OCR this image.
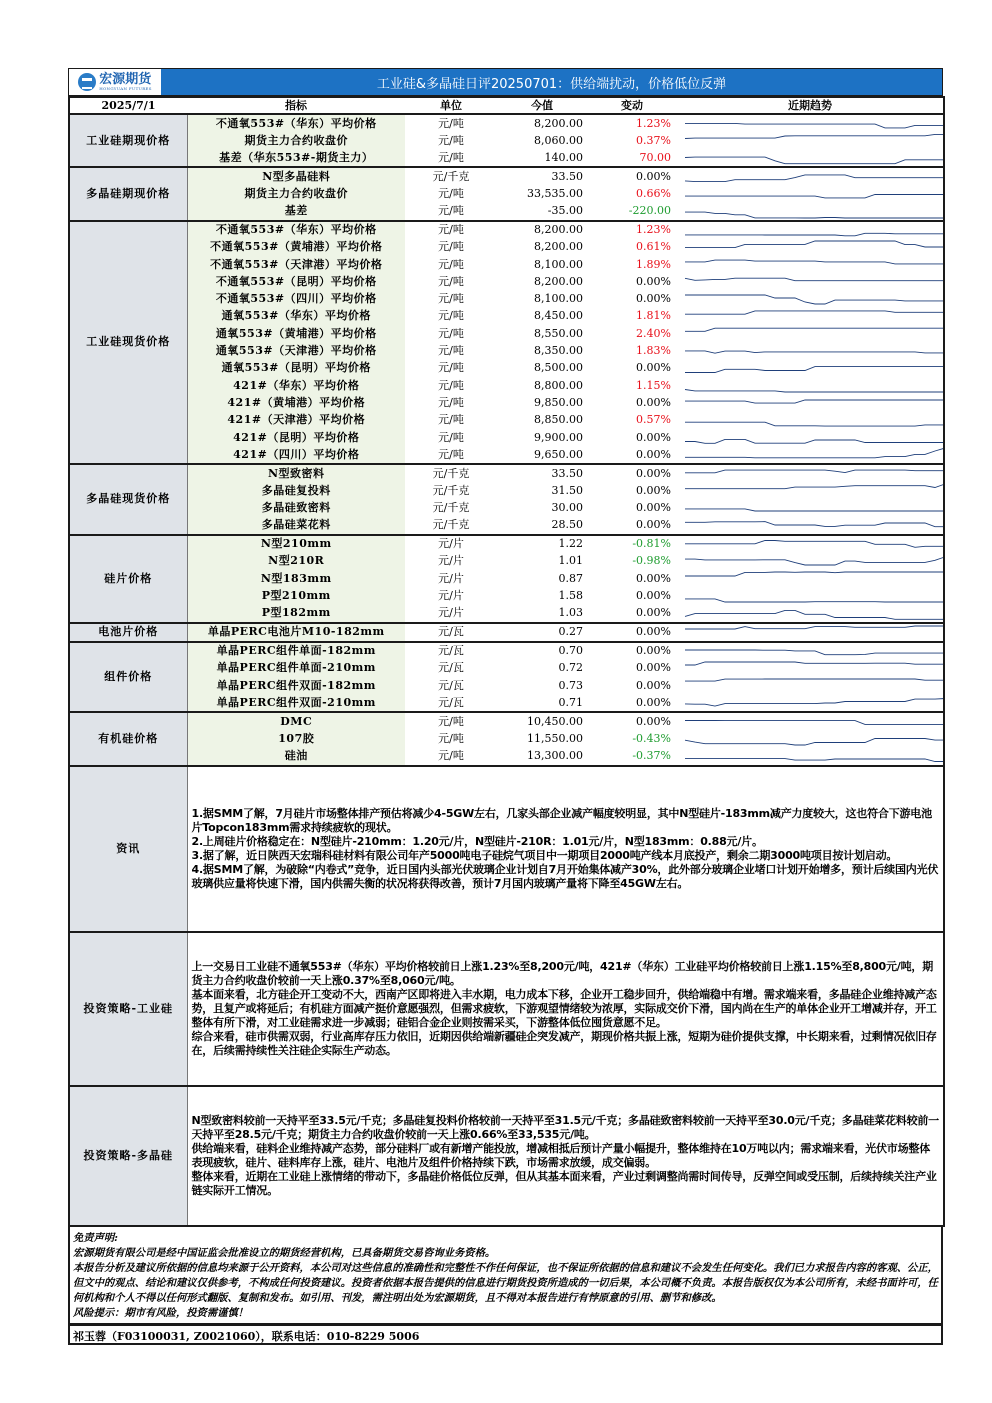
宏源期货
HONGYUAN FUTURES	工业硅&多晶硅日评20250701：供给端扰动，价格低位反弹
2025/7/1	指标	单位	今值	变动	近期趋势
工业硅期现价格	不通氧553#（华东）平均价格	元/吨	8,200.00	1.23%	

	期货主力合约收盘价	元/吨	8,060.00	0.37%	

	基差（华东553#-期货主力）	元/吨	140.00	70.00	

多晶硅期现价格	N型多晶硅料	元/千克	33.50	0.00%	

	期货主力合约收盘价	元/吨	33,535.00	0.66%	

	基差	元/吨	-35.00	-220.00	

工业硅现货价格	不通氧553#（华东）平均价格	元/吨	8,200.00	1.23%	

	不通氧553#（黄埔港）平均价格	元/吨	8,200.00	0.61%	

	不通氧553#（天津港）平均价格	元/吨	8,100.00	1.89%	

	不通氧553#（昆明）平均价格	元/吨	8,200.00	0.00%	

	不通氧553#（四川）平均价格	元/吨	8,100.00	0.00%	

	通氧553#（华东）平均价格	元/吨	8,450.00	1.81%	

	通氧553#（黄埔港）平均价格	元/吨	8,550.00	2.40%	

	通氧553#（天津港）平均价格	元/吨	8,350.00	1.83%	

	通氧553#（昆明）平均价格	元/吨	8,500.00	0.00%	

	421#（华东）平均价格	元/吨	8,800.00	1.15%	

	421#（黄埔港）平均价格	元/吨	9,850.00	0.00%	

	421#（天津港）平均价格	元/吨	8,850.00	0.57%	

	421#（昆明）平均价格	元/吨	9,900.00	0.00%	

	421#（四川）平均价格	元/吨	9,650.00	0.00%	

多晶硅现货价格	N型致密料	元/千克	33.50	0.00%	

	多晶硅复投料	元/千克	31.50	0.00%	

	多晶硅致密料	元/千克	30.00	0.00%	

	多晶硅菜花料	元/千克	28.50	0.00%	

硅片价格	N型210mm	元/片	1.22	-0.81%	

	N型210R	元/片	1.01	-0.98%	

	N型183mm	元/片	0.87	0.00%	

	P型210mm	元/片	1.58	0.00%	

	P型182mm	元/片	1.03	0.00%	

电池片价格	单晶PERC电池片M10-182mm	元/瓦	0.27	0.00%	

组件价格	单晶PERC组件单面-182mm	元/瓦	0.70	0.00%	

	单晶PERC组件单面-210mm	元/瓦	0.72	0.00%	

	单晶PERC组件双面-182mm	元/瓦	0.73	0.00%	

	单晶PERC组件双面-210mm	元/瓦	0.71	0.00%	

有机硅价格	DMC	元/吨	10,450.00	0.00%	

	107胶	元/吨	11,550.00	-0.43%	

	硅油	元/吨	13,300.00	-0.37%	

资讯	1.据SMM了解，7月硅片市场整体排产预估将减少4-5GW左右，几家头部企业减产幅度较明显，其中N型硅片-183mm减产力度较大，这也符合下游电池片Topcon183mm需求持续疲软的现状。

2.上周硅片价格稳定在：N型硅片-210mm：1.20元/片，N型硅片-210R：1.01元/片，N型183mm：0.88元/片。

3.据了解，近日陕西天宏瑞科硅材料有限公司年产5000吨电子硅烷气项目中一期项目2000吨产线本月底投产，剩余二期3000吨项目按计划启动。

4.据SMM了解，为破除“内卷式”竞争，近日国内头部光伏玻璃企业计划自7月开始集体减产30%，此外部分玻璃企业堵口计划开始增多，预计后续国内光伏玻璃供应量将快速下滑，国内供需失衡的状况将获得改善，预计7月国内玻璃产量将下降至45GW左右。				

投资策略-工业硅	上一交易日工业硅不通氧553#（华东）平均价格较前日上涨1.23%至8,200元/吨，421#（华东）工业硅平均价格较前日上涨1.15%至8,800元/吨，期货主力合约收盘价较前一天上涨0.37%至8,060元/吨。

基本面来看，北方硅企开工变动不大，西南产区即将进入丰水期，电力成本下移，企业开工稳步回升，供给端稳中有增。需求端来看，多晶硅企业维持减产态势，且复产或将延后；有机硅方面减产挺价意愿强烈，但需求疲软，下游观望情绪较为浓厚，实际成交价下滑，国内尚在生产的单体企业开工增减并存，开工整体有所下滑，对工业硅需求进一步减弱；硅铝合金企业则按需采买，下游整体低位囤货意愿不足。

综合来看，硅市供需双弱，行业高库存压力依旧，近期因供给端新疆硅企突发减产，期现价格共振上涨，短期为硅价提供支撑，中长期来看，过剩情况依旧存在，后续需持续性关注硅企实际生产动态。				

投资策略-多晶硅	N型致密料较前一天持平至33.5元/千克；多晶硅复投料价格较前一天持平至31.5元/千克；多晶硅致密料较前一天持平至30.0元/千克；多晶硅菜花料较前一天持平至28.5元/千克；期货主力合约收盘价较前一天上涨0.66%至33,535元/吨。

供给端来看，硅料企业维持减产态势，部分硅料厂或有新增产能投放，增减相抵后预计产量小幅提升，整体维持在10万吨以内；需求端来看，光伏市场整体表现疲软，硅片、硅料库存上涨，硅片、电池片及组件价格持续下跌，市场需求放缓，成交偏弱。

整体来看，近期在工业硅上涨情绪的带动下，多晶硅价格低位反弹，但从其基本面来看，产业过剩调整尚需时间传导，反弹空间或受压制，后续持续关注产业链实际开工情况。				

免责声明:
宏源期货有限公司是经中国证监会批准设立的期货经营机构，已具备期货交易咨询业务资格。
本报告分析及建议所依据的信息均来源于公开资料，本公司对这些信息的准确性和完整性不作任何保证，也不保证所依据的信息和建议不会发生任何变化。我们已力求报告内容的客观、公正，但文中的观点、结论和建议仅供参考，不构成任何投资建议。投资者依据本报告提供的信息进行期货投资所造成的一切后果，本公司概不负责。本报告版权仅为本公司所有，未经书面许可，任何机构和个人不得以任何形式翻版、复制和发布。如引用、刊发，需注明出处为宏源期货，且不得对本报告进行有悖原意的引用、删节和修改。
风险提示：期市有风险，投资需谨慎！
祁玉蓉（F03100031, Z0021060），联系电话：010-8229 5006
